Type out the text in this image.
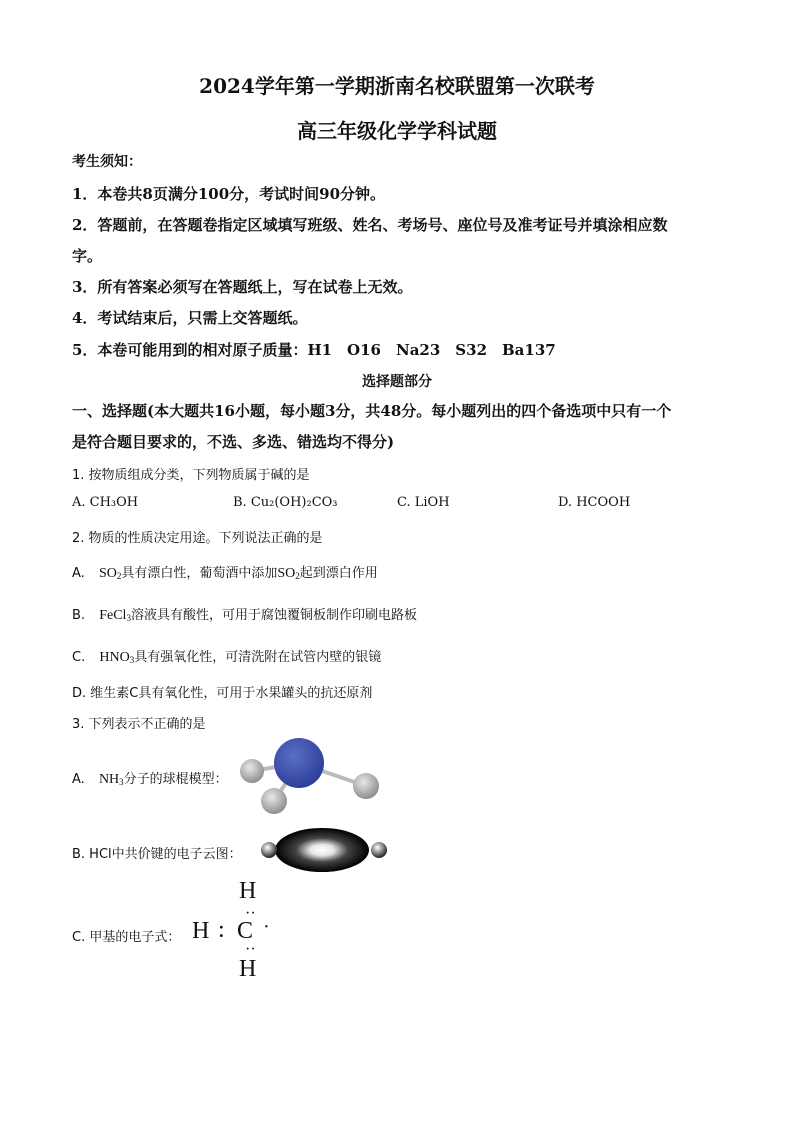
2024学年第一学期浙南名校联盟第一次联考
高三年级化学学科试题
考生须知：
1．本卷共8页满分100分，考试时间90分钟。
2．答题前，在答题卷指定区域填写班级、姓名、考场号、座位号及准考证号并填涂相应数
字。
3．所有答案必须写在答题纸上，写在试卷上无效。
4．考试结束后，只需上交答题纸。
5．本卷可能用到的相对原子质量：H1　O16　Na23　S32　Ba137
选择题部分
一、选择题(本大题共16小题，每小题3分，共48分。每小题列出的四个备选项中只有一个
是符合题目要求的，不选、多选、错选均不得分)
1. 按物质组成分类，下列物质属于碱的是
A. CH₃OH	B. Cu₂(OH)₂CO₃	C. LiOH	D. HCOOH
2. 物质的性质决定用途。下列说法正确的是
A. $SO_2$具有漂白性，葡萄酒中添加$SO_2$起到漂白作用
B. FeCl$_3$溶液具有酸性，可用于腐蚀覆铜板制作印刷电路板
C. $HNO_3$具有强氧化性，可清洗附在试管内壁的银镜
D. 维生素C具有氧化性，可用于水果罐头的抗还原剂
3. 下列表示不正确的是
A. $NH_3$分子的球棍模型：
B. HCl中共价键的电子云图：
C. 甲基的电子式：
H
··
H : C ·
··
H
